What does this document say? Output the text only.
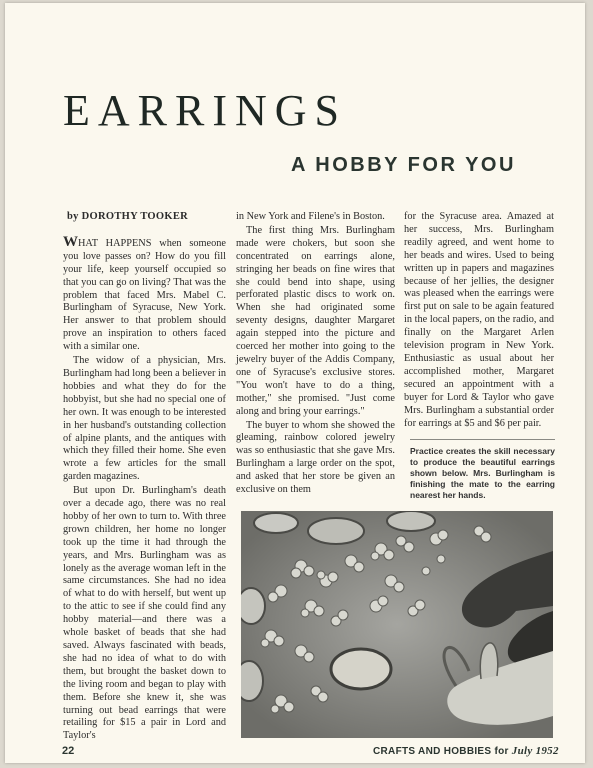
EARRINGS
A HOBBY FOR YOU
by DOROTHY TOOKER

WHAT HAPPENS when someone you love passes on? How do you fill your life, keep yourself occupied so that you can go on living? That was the problem that faced Mrs. Mabel C. Burlingham of Syracuse, New York. Her answer to that problem should prove an inspiration to others faced with a similar one.

The widow of a physician, Mrs. Burlingham had long been a believer in hobbies and what they do for the hobbyist, but she had no special one of her own. It was enough to be interested in her husband's outstanding collection of alpine plants, and the antiques with which they filled their home. She even wrote a few articles for the small garden magazines.

But upon Dr. Burlingham's death over a decade ago, there was no real hobby of her own to turn to. With three grown children, her home no longer took up the time it had through the years, and Mrs. Burlingham was as lonely as the average woman left in the same circumstances. She had no idea of what to do with herself, but went up to the attic to see if she could find any hobby material—and there was a whole basket of beads that she had saved. Always fascinated with beads, she had no idea of what to do with them, but brought the basket down to the living room and began to play with them. Before she knew it, she was turning out bead earrings that were retailing for $15 a pair in Lord and Taylor's

in New York and Filene's in Boston.

The first thing Mrs. Burlingham made were chokers, but soon she concentrated on earrings alone, stringing her beads on fine wires that she could bend into shape, using perforated plastic discs to work on. When she had originated some seventy designs, daughter Margaret again stepped into the picture and coerced her mother into going to the jewelry buyer of the Addis Company, one of Syracuse's exclusive stores. "You won't have to do a thing, mother," she promised. "Just come along and bring your earrings."

The buyer to whom she showed the gleaming, rainbow colored jewelry was so enthusiastic that she gave Mrs. Burlingham a large order on the spot, and asked that her store be given an exclusive on them

for the Syracuse area. Amazed at her success, Mrs. Burlingham readily agreed, and went home to her beads and wires. Used to being written up in papers and magazines because of her jellies, the designer was pleased when the earrings were first put on sale to be again featured in the local papers, on the radio, and finally on the Margaret Arlen television program in New York. Enthusiastic as usual about her accomplished mother, Margaret secured an appointment with a buyer for Lord & Taylor who gave Mrs. Burlingham a substantial order for earrings at $5 and $6 per pair.

Practice creates the skill necessary to produce the beautiful earrings shown below. Mrs. Burlingham is finishing the mate to the earring nearest her hands.
22	CRAFTS AND HOBBIES for July 1952
